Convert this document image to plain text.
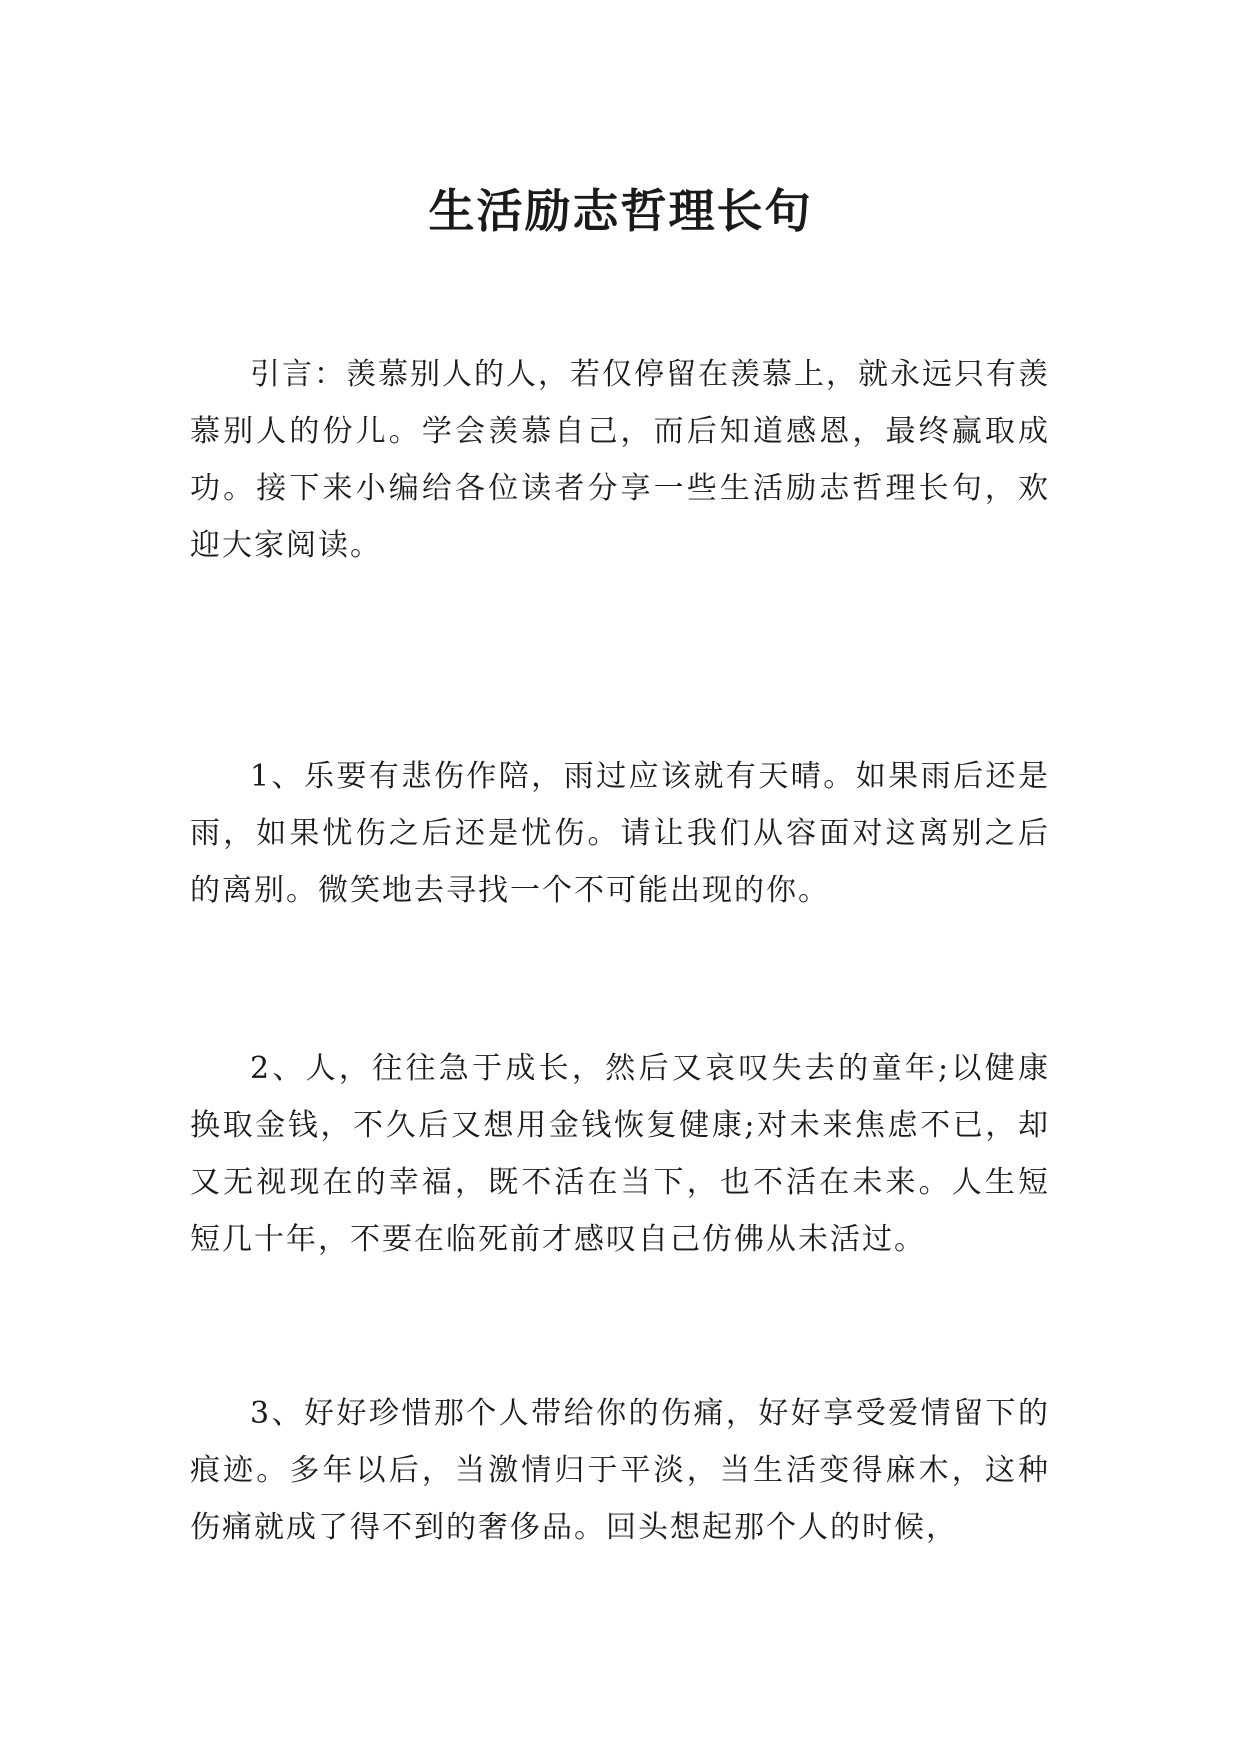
生活励志哲理长句

引言：羡慕别人的人，若仅停留在羡慕上，就永远只有羡慕别人的份儿。学会羡慕自己，而后知道感恩，最终赢取成功。接下来小编给各位读者分享一些生活励志哲理长句，欢迎大家阅读。

1、乐要有悲伤作陪，雨过应该就有天晴。如果雨后还是雨，如果忧伤之后还是忧伤。请让我们从容面对这离别之后的离别。微笑地去寻找一个不可能出现的你。

2、人，往往急于成长，然后又哀叹失去的童年;以健康换取金钱，不久后又想用金钱恢复健康;对未来焦虑不已，却又无视现在的幸福，既不活在当下，也不活在未来。人生短短几十年，不要在临死前才感叹自己仿佛从未活过。

3、好好珍惜那个人带给你的伤痛，好好享受爱情留下的痕迹。多年以后，当激情归于平淡，当生活变得麻木，这种伤痛就成了得不到的奢侈品。回头想起那个人的时候，
